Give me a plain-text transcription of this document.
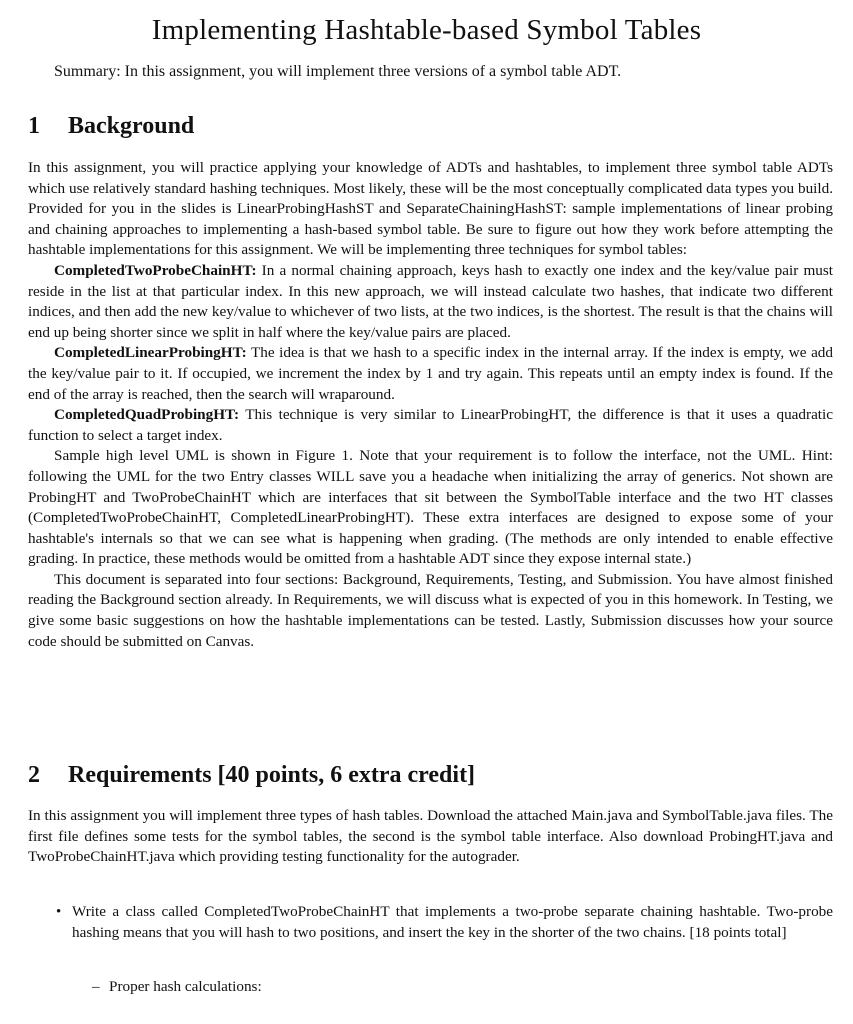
Implementing Hashtable-based Symbol Tables
Summary: In this assignment, you will implement three versions of a symbol table ADT.
1 Background

In this assignment, you will practice applying your knowledge of ADTs and hashtables, to implement three symbol table ADTs which use relatively standard hashing techniques. Most likely, these will be the most conceptually complicated data types you build. Provided for you in the slides is LinearProbingHashST and SeparateChainingHashST: sample implementations of linear probing and chaining approaches to implementing a hash-based symbol table. Be sure to figure out how they work before attempting the hashtable implementations for this assignment. We will be implementing three techniques for symbol tables:

CompletedTwoProbeChainHT: In a normal chaining approach, keys hash to exactly one index and the key/value pair must reside in the list at that particular index. In this new approach, we will instead calculate two hashes, that indicate two different indices, and then add the new key/value to whichever of two lists, at the two indices, is the shortest. The result is that the chains will end up being shorter since we split in half where the key/value pairs are placed.

CompletedLinearProbingHT: The idea is that we hash to a specific index in the internal array. If the index is empty, we add the key/value pair to it. If occupied, we increment the index by 1 and try again. This repeats until an empty index is found. If the end of the array is reached, then the search will wraparound.

CompletedQuadProbingHT: This technique is very similar to LinearProbingHT, the difference is that it uses a quadratic function to select a target index.

Sample high level UML is shown in Figure 1. Note that your requirement is to follow the interface, not the UML. Hint: following the UML for the two Entry classes WILL save you a headache when initializing the array of generics. Not shown are ProbingHT and TwoProbeChainHT which are interfaces that sit between the SymbolTable interface and the two HT classes (CompletedTwoProbeChainHT, CompletedLinearProbingHT). These extra interfaces are designed to expose some of your hashtable's internals so that we can see what is happening when grading. (The methods are only intended to enable effective grading. In practice, these methods would be omitted from a hashtable ADT since they expose internal state.)

This document is separated into four sections: Background, Requirements, Testing, and Submission. You have almost finished reading the Background section already. In Requirements, we will discuss what is expected of you in this homework. In Testing, we give some basic suggestions on how the hashtable implementations can be tested. Lastly, Submission discusses how your source code should be submitted on Canvas.

2 Requirements [40 points, 6 extra credit]

In this assignment you will implement three types of hash tables. Download the attached Main.java and SymbolTable.java files. The first file defines some tests for the symbol tables, the second is the symbol table interface. Also download ProbingHT.java and TwoProbeChainHT.java which providing testing functionality for the autograder.

• Write a class called CompletedTwoProbeChainHT that implements a two-probe separate chaining hashtable. Two-probe hashing means that you will hash to two positions, and insert the key in the shorter of the two chains. [18 points total]
– Proper hash calculations:
